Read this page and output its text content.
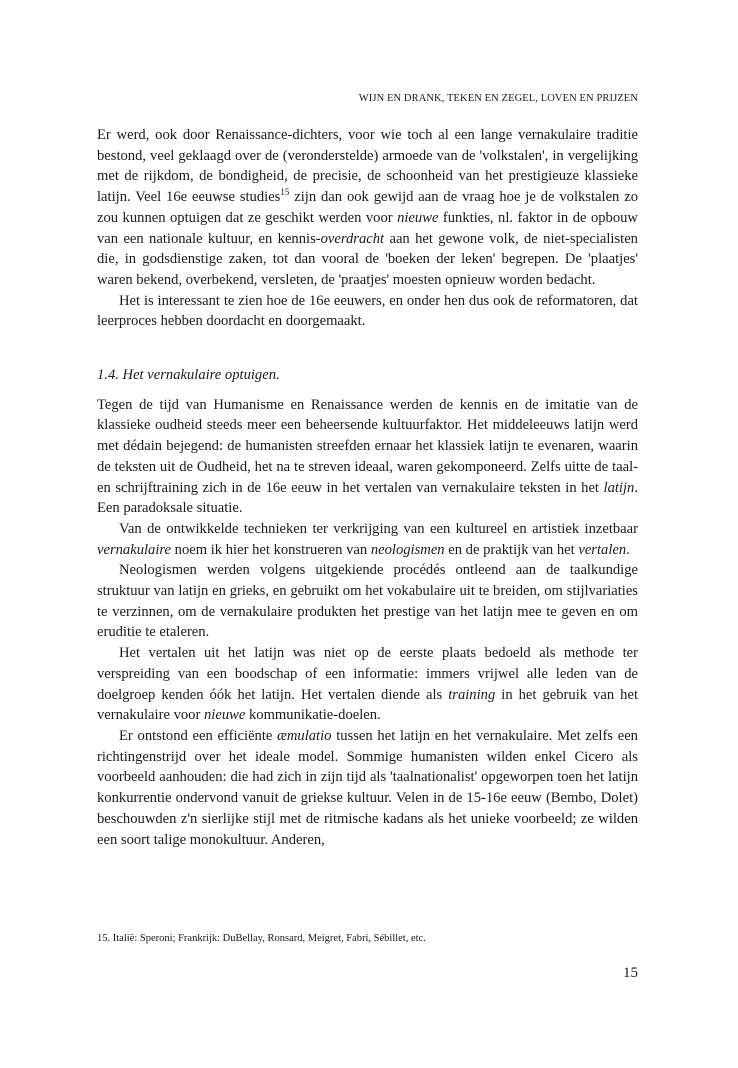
WIJN EN DRANK, TEKEN EN ZEGEL, LOVEN EN PRIJZEN

Er werd, ook door Renaissance-dichters, voor wie toch al een lange vernakulaire traditie bestond, veel geklaagd over de (veronderstelde) armoede van de 'volkstalen', in vergelijking met de rijkdom, de bondigheid, de precisie, de schoonheid van het prestigieuze klassieke latijn. Veel 16e eeuwse studies$^{15}$ zijn dan ook gewijd aan de vraag hoe je de volkstalen zo zou kunnen optuigen dat ze geschikt werden voor nieuwe funkties, nl. faktor in de opbouw van een nationale kultuur, en kennis-overdracht aan het gewone volk, de niet-specialisten die, in godsdienstige zaken, tot dan vooral de 'boeken der leken' begrepen. De 'plaatjes' waren bekend, overbekend, versleten, de 'praatjes' moesten opnieuw worden bedacht.

Het is interessant te zien hoe de 16e eeuwers, en onder hen dus ook de reformatoren, dat leerproces hebben doordacht en doorgemaakt.

1.4. Het vernakulaire optuigen.

Tegen de tijd van Humanisme en Renaissance werden de kennis en de imitatie van de klassieke oudheid steeds meer een beheersende kultuurfaktor. Het middeleeuws latijn werd met dédain bejegend: de humanisten streefden ernaar het klassiek latijn te evenaren, waarin de teksten uit de Oudheid, het na te streven ideaal, waren gekomponeerd. Zelfs uitte de taal- en schrijftraining zich in de 16e eeuw in het vertalen van vernakulaire teksten in het latijn. Een paradoksale situatie.

Van de ontwikkelde technieken ter verkrijging van een kultureel en artistiek inzetbaar vernakulaire noem ik hier het konstrueren van neologismen en de praktijk van het vertalen.

Neologismen werden volgens uitgekiende procédés ontleend aan de taalkundige struktuur van latijn en grieks, en gebruikt om het vokabulaire uit te breiden, om stijlvariaties te verzinnen, om de vernakulaire produkten het prestige van het latijn mee te geven en om eruditie te etaleren.

Het vertalen uit het latijn was niet op de eerste plaats bedoeld als methode ter verspreiding van een boodschap of een informatie: immers vrijwel alle leden van de doelgroep kenden óók het latijn. Het vertalen diende als training in het gebruik van het vernakulaire voor nieuwe kommunikatie-doelen.

Er ontstond een efficiënte æmulatio tussen het latijn en het vernakulaire. Met zelfs een richtingenstrijd over het ideale model. Sommige humanisten wilden enkel Cicero als voorbeeld aanhouden: die had zich in zijn tijd als 'taalnationalist' opgeworpen toen het latijn konkurrentie ondervond vanuit de griekse kultuur. Velen in de 15-16e eeuw (Bembo, Dolet) beschouwden z'n sierlijke stijl met de ritmische kadans als het unieke voorbeeld; ze wilden een soort talige monokultuur. Anderen,

15. Italië: Speroni; Frankrijk: DuBellay, Ronsard, Meigret, Fabri, Sébillet, etc.
15
